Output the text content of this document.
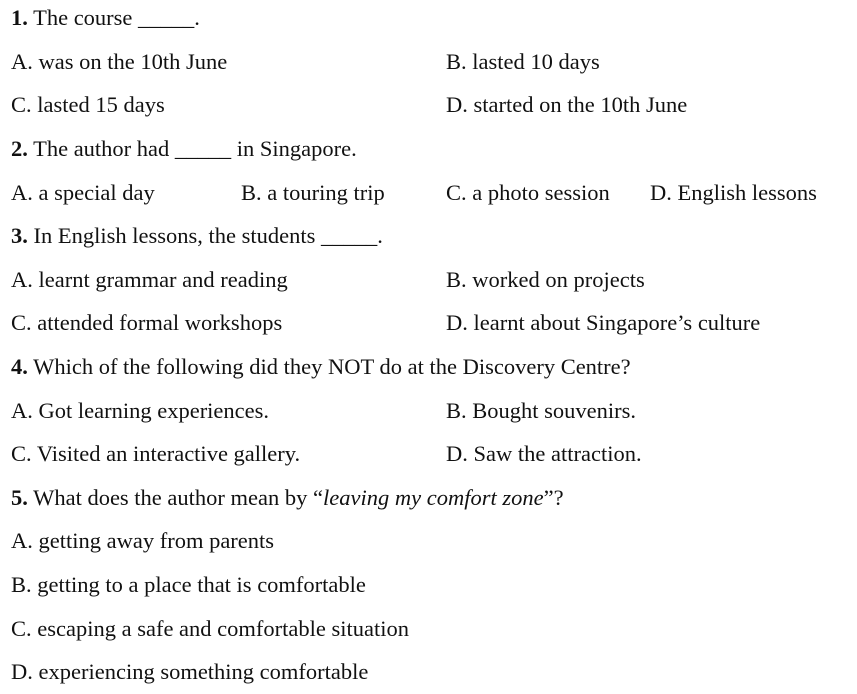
1. The course _____.
A. was on the 10th June	B. lasted 10 days
C. lasted 15 days	D. started on the 10th June
2. The author had _____ in Singapore.
A. a special day	B. a touring trip	C. a photo session D. English lessons
3. In English lessons, the students _____.
A. learnt grammar and reading	B. worked on projects
C. attended formal workshops	D. learnt about Singapore’s culture
4. Which of the following did they NOT do at the Discovery Centre?
A. Got learning experiences.	B. Bought souvenirs.
C. Visited an interactive gallery.	D. Saw the attraction.
5. What does the author mean by “leaving my comfort zone”?
A. getting away from parents
B. getting to a place that is comfortable
C. escaping a safe and comfortable situation
D. experiencing something comfortable
